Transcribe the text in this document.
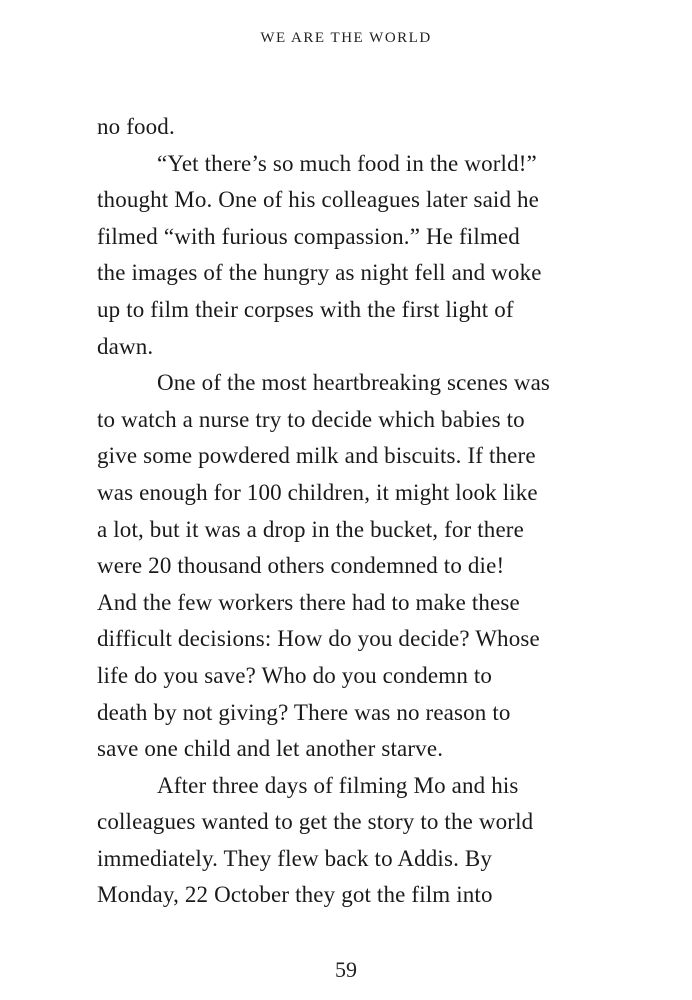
WE ARE THE WORLD
no food.
“Yet there’s so much food in the world!”
thought Mo. One of his colleagues later said he
filmed “with furious compassion.” He filmed
the images of the hungry as night fell and woke
up to film their corpses with the first light of
dawn.
One of the most heartbreaking scenes was
to watch a nurse try to decide which babies to
give some powdered milk and biscuits. If there
was enough for 100 children, it might look like
a lot, but it was a drop in the bucket, for there
were 20 thousand others condemned to die!
And the few workers there had to make these
difficult decisions: How do you decide? Whose
life do you save? Who do you condemn to
death by not giving? There was no reason to
save one child and let another starve.
After three days of filming Mo and his
colleagues wanted to get the story to the world
immediately. They flew back to Addis. By
Monday, 22 October they got the film into
59
